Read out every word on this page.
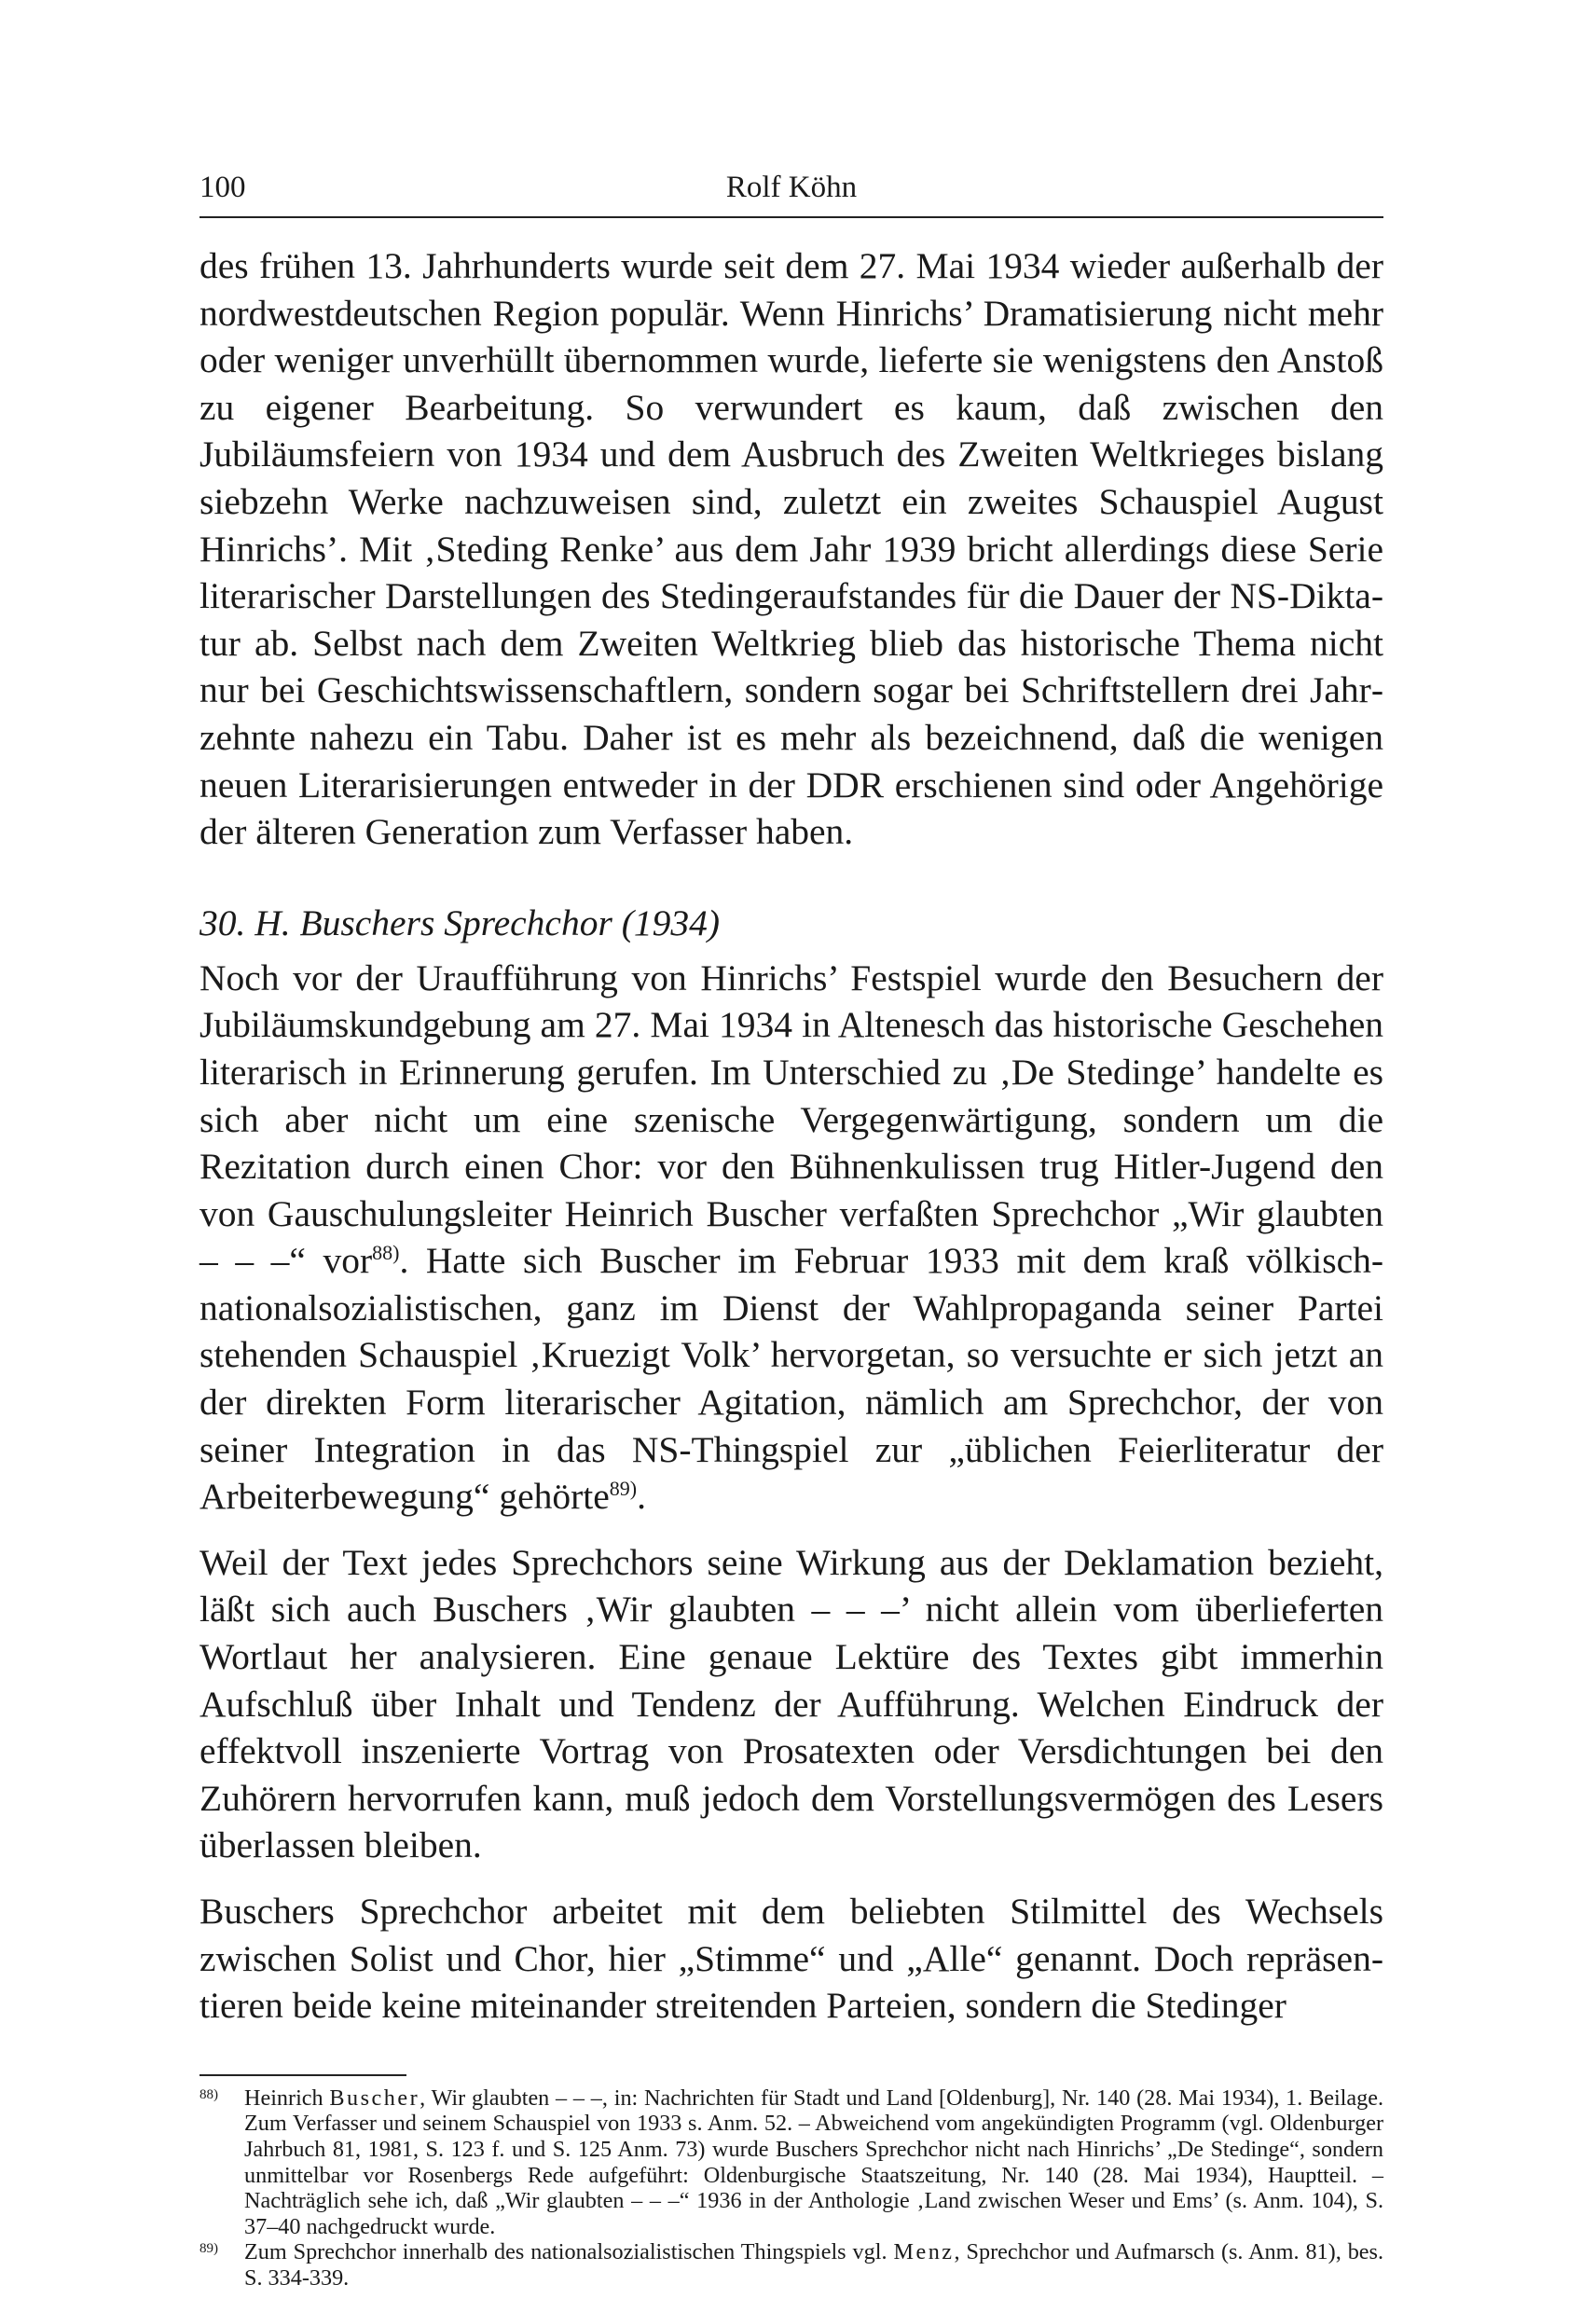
100	Rolf Köhn

des frühen 13. Jahrhunderts wurde seit dem 27. Mai 1934 wieder außerhalb der nordwestdeutschen Region populär. Wenn Hinrichs’ Dramatisierung nicht mehr oder weniger unverhüllt übernommen wurde, lieferte sie wenigstens den Anstoß zu eigener Bearbeitung. So verwundert es kaum, daß zwischen den Jubiläumsfeiern von 1934 und dem Ausbruch des Zweiten Weltkrieges bislang siebzehn Werke nachzuweisen sind, zuletzt ein zweites Schauspiel August Hinrichs’. Mit ‚Steding Renke’ aus dem Jahr 1939 bricht allerdings diese Serie literarischer Darstellungen des Stedingeraufstandes für die Dauer der NS-Diktatur ab. Selbst nach dem Zweiten Weltkrieg blieb das historische Thema nicht nur bei Geschichtswissenschaftlern, sondern sogar bei Schriftstellern drei Jahrzehnte nahezu ein Tabu. Daher ist es mehr als bezeichnend, daß die wenigen neuen Literarisierungen entweder in der DDR erschienen sind oder Angehörige der älteren Generation zum Verfasser haben.

30. H. Buschers Sprechchor (1934)

Noch vor der Uraufführung von Hinrichs’ Festspiel wurde den Besuchern der Jubiläumskundgebung am 27. Mai 1934 in Altenesch das historische Geschehen literarisch in Erinnerung gerufen. Im Unterschied zu ‚De Stedinge’ handelte es sich aber nicht um eine szenische Vergegenwärtigung, sondern um die Rezitation durch einen Chor: vor den Bühnenkulissen trug Hitler-Jugend den von Gauschulungsleiter Heinrich Buscher verfaßten Sprechchor „Wir glaubten – – –“ vor$^{88)}$. Hatte sich Buscher im Februar 1933 mit dem kraß völkisch-nationalsozialistischen, ganz im Dienst der Wahlpropaganda seiner Partei stehenden Schauspiel ‚Kruezigt Volk’ hervorgetan, so versuchte er sich jetzt an der direkten Form literarischer Agitation, nämlich am Sprechchor, der von seiner Integration in das NS-Thingspiel zur „üblichen Feierliteratur der Arbeiterbewegung“ gehörte$^{89)}$.

Weil der Text jedes Sprechchors seine Wirkung aus der Deklamation bezieht, läßt sich auch Buschers ‚Wir glaubten – – –’ nicht allein vom überlieferten Wortlaut her analysieren. Eine genaue Lektüre des Textes gibt immerhin Aufschluß über Inhalt und Tendenz der Aufführung. Welchen Eindruck der effektvoll inszenierte Vortrag von Prosatexten oder Versdichtungen bei den Zuhörern hervorrufen kann, muß jedoch dem Vorstellungsvermögen des Lesers überlassen bleiben.

Buschers Sprechchor arbeitet mit dem beliebten Stilmittel des Wechsels zwischen Solist und Chor, hier „Stimme“ und „Alle“ genannt. Doch repräsentieren beide keine miteinander streitenden Parteien, sondern die Stedinger

88) Heinrich Buscher, Wir glaubten – – –, in: Nachrichten für Stadt und Land [Oldenburg], Nr. 140 (28. Mai 1934), 1. Beilage. Zum Verfasser und seinem Schauspiel von 1933 s. Anm. 52. – Abweichend vom angekündigten Programm (vgl. Oldenburger Jahrbuch 81, 1981, S. 123 f. und S. 125 Anm. 73) wurde Buschers Sprechchor nicht nach Hinrichs’ „De Stedinge“, sondern unmittelbar vor Rosenbergs Rede aufgeführt: Oldenburgische Staatszeitung, Nr. 140 (28. Mai 1934), Hauptteil. – Nachträglich sehe ich, daß „Wir glaubten – – –“ 1936 in der Anthologie ‚Land zwischen Weser und Ems’ (s. Anm. 104), S. 37–40 nachgedruckt wurde.
89) Zum Sprechchor innerhalb des nationalsozialistischen Thingspiels vgl. Menz, Sprechchor und Aufmarsch (s. Anm. 81), bes. S. 334-339.
